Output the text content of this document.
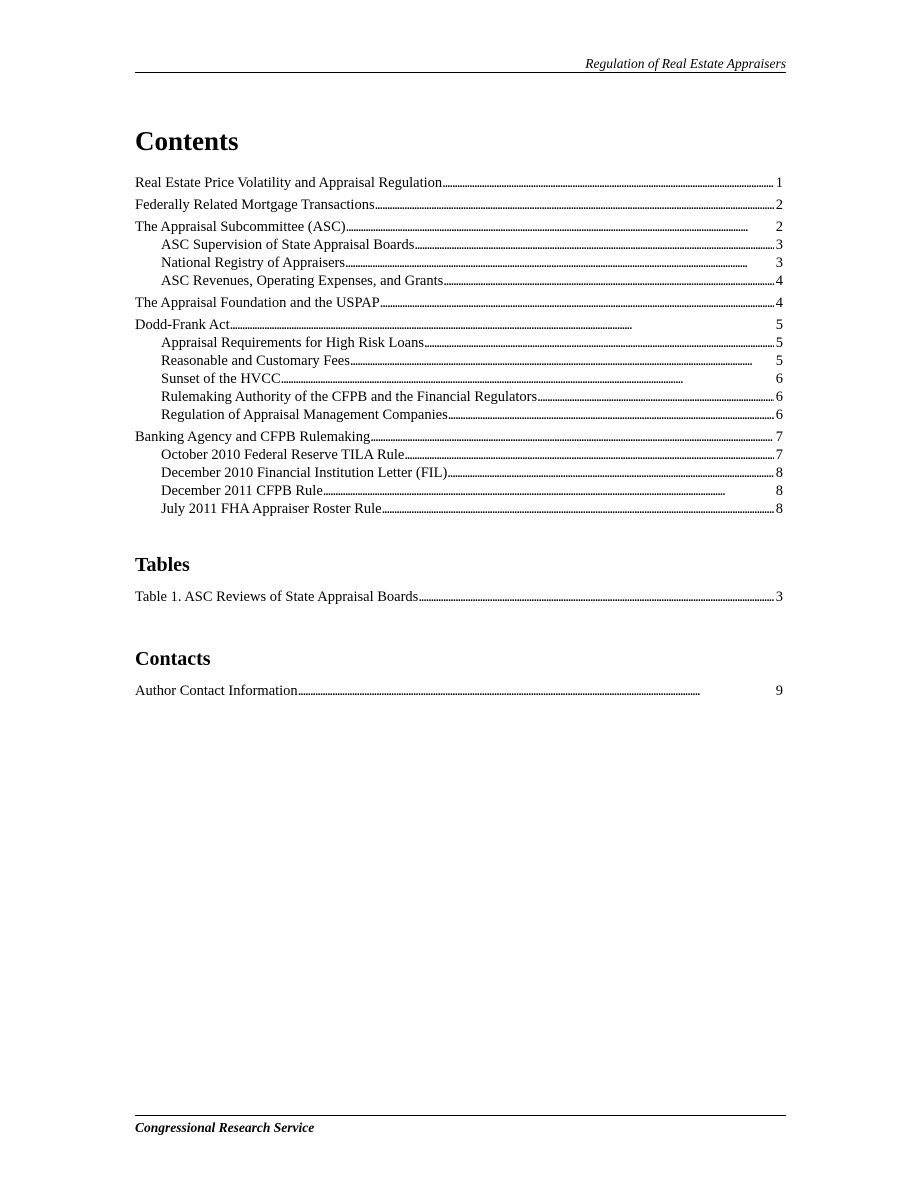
Regulation of Real Estate Appraisers
Contents
Real Estate Price Volatility and Appraisal Regulation . . .	1
Federally Related Mortgage Transactions . . .	2
The Appraisal Subcommittee (ASC) . . .	2
ASC Supervision of State Appraisal Boards . . .	3
National Registry of Appraisers . . .	3
ASC Revenues, Operating Expenses, and Grants . . .	4
The Appraisal Foundation and the USPAP . . .	4
Dodd-Frank Act . . .	5
Appraisal Requirements for High Risk Loans . . .	5
Reasonable and Customary Fees . . .	5
Sunset of the HVCC . . .	6
Rulemaking Authority of the CFPB and the Financial Regulators . . .	6
Regulation of Appraisal Management Companies . . .	6
Banking Agency and CFPB Rulemaking . . .	7
October 2010 Federal Reserve TILA Rule . . .	7
December 2010 Financial Institution Letter (FIL) . . .	8
December 2011 CFPB Rule . . .	8
July 2011 FHA Appraiser Roster Rule . . .	8
Tables
Table 1. ASC Reviews of State Appraisal Boards . . .	3
Contacts
Author Contact Information . . .	9
Congressional Research Service
